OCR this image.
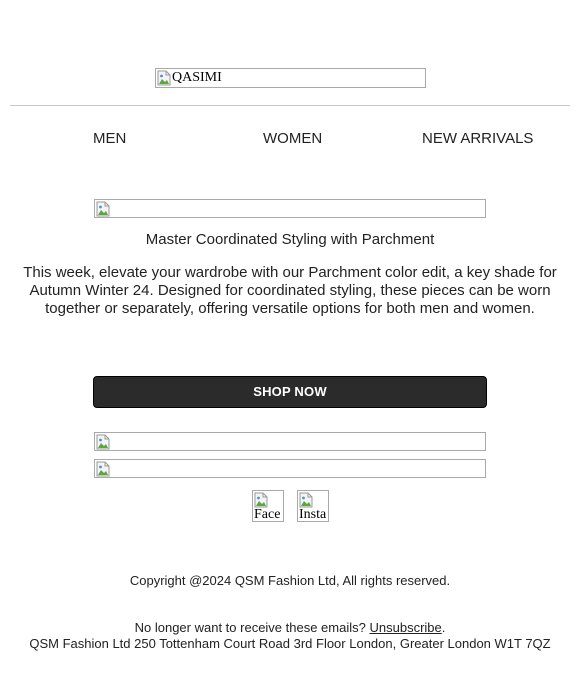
QASIMI
MEN	WOMEN	NEW ARRIVALS
Master Coordinated Styling with Parchment
This week, elevate your wardrobe with our Parchment color edit, a key shade for Autumn Winter 24. Designed for coordinated styling, these pieces can be worn together or separately, offering versatile options for both men and women.
SHOP NOW
Face Insta
Copyright @2024 QSM Fashion Ltd, All rights reserved.
No longer want to receive these emails? Unsubscribe.
QSM Fashion Ltd 250 Tottenham Court Road 3rd Floor London, Greater London W1T 7QZ
